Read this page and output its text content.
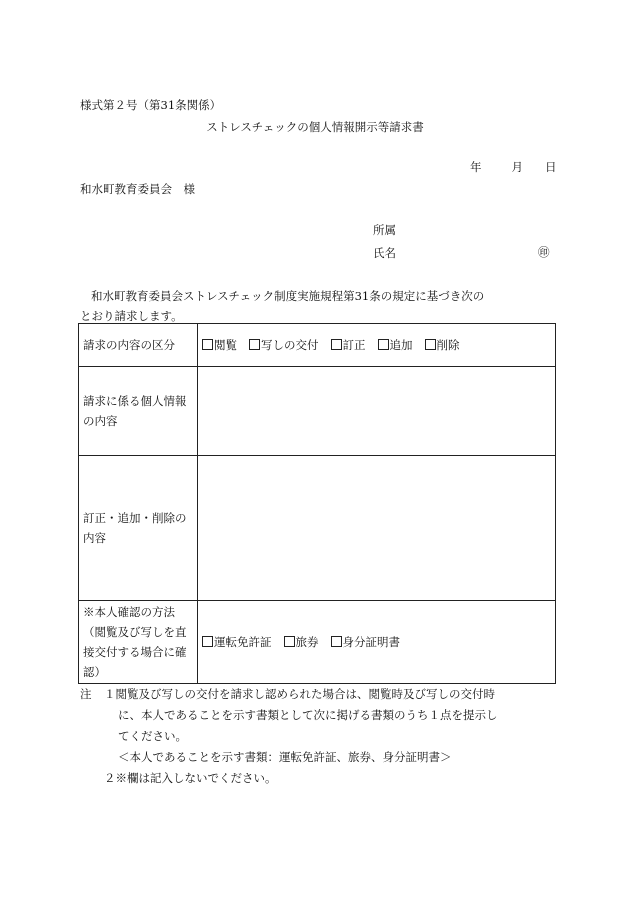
様式第２号（第31条関係）
ストレスチェックの個人情報開示等請求書
年	月 日
和水町教育委員会　様
所属
氏名	㊞
和水町教育委員会ストレスチェック制度実施規程第31条の規定に基づき次の
とおり請求します。
請求の内容の区分	閲覧 写しの交付 訂正 追加 削除

請求に係る個人情報
の内容	

訂正・追加・削除の
内容	

※本人確認の方法
（閲覧及び写しを直
接交付する場合に確
認）	運転免許証 旅券 身分証明書
注 １閲覧及び写しの交付を請求し認められた場合は、閲覧時及び写しの交付時
に、本人であることを示す書類として次に掲げる書類のうち１点を提示し
てください。
＜本人であることを示す書類：運転免許証、旅券、身分証明書＞
２※欄は記入しないでください。
